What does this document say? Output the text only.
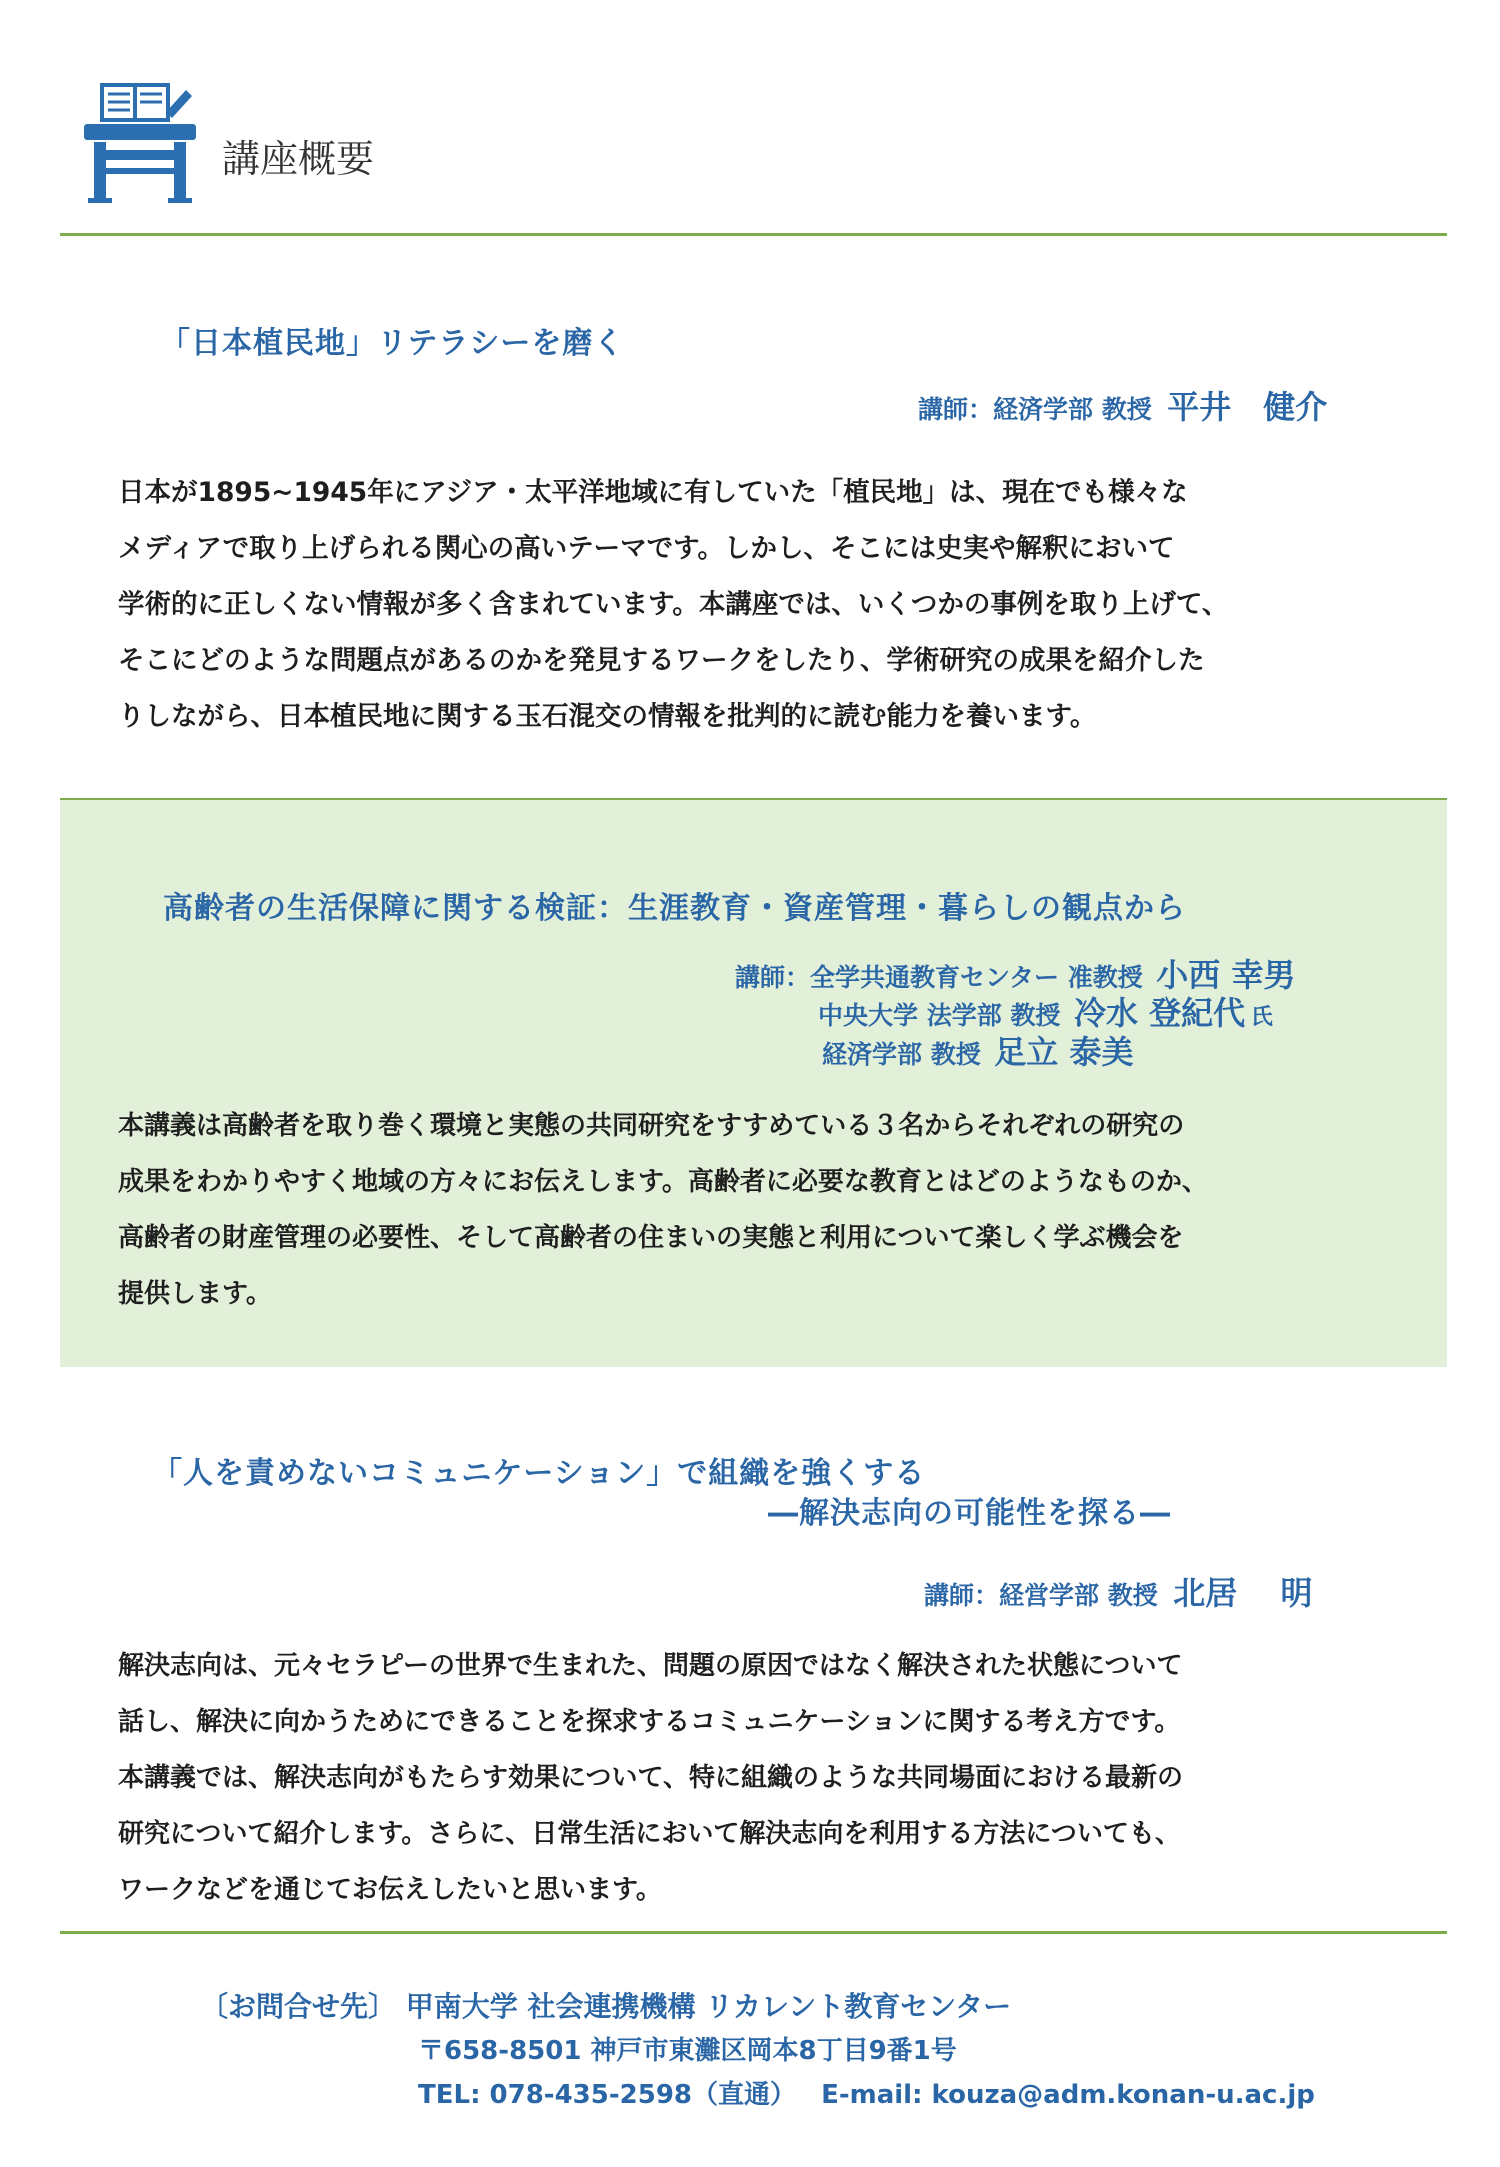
講座概要
「日本植民地」リテラシーを磨く
講師：経済学部 教授 平井　健介
日本が1895~1945年にアジア・太平洋地域に有していた「植民地」は、現在でも様々な
メディアで取り上げられる関心の高いテーマです。しかし、そこには史実や解釈において
学術的に正しくない情報が多く含まれています。本講座では、いくつかの事例を取り上げて、
そこにどのような問題点があるのかを発見するワークをしたり、学術研究の成果を紹介した
りしながら、日本植民地に関する玉石混交の情報を批判的に読む能力を養います。
高齢者の生活保障に関する検証：生涯教育・資産管理・暮らしの観点から
講師：全学共通教育センター 准教授 小西 幸男
中央大学 法学部 教授 冷水 登紀代 氏
経済学部 教授 足立 泰美
本講義は高齢者を取り巻く環境と実態の共同研究をすすめている３名からそれぞれの研究の
成果をわかりやすく地域の方々にお伝えします。高齢者に必要な教育とはどのようなものか、
高齢者の財産管理の必要性、そして高齢者の住まいの実態と利用について楽しく学ぶ機会を
提供します。
「人を責めないコミュニケーション」で組織を強くする
―解決志向の可能性を探る―
講師：経営学部 教授 北居　 明
解決志向は、元々セラピーの世界で生まれた、問題の原因ではなく解決された状態について
話し、解決に向かうためにできることを探求するコミュニケーションに関する考え方です。
本講義では、解決志向がもたらす効果について、特に組織のような共同場面における最新の
研究について紹介します。さらに、日常生活において解決志向を利用する方法についても、
ワークなどを通じてお伝えしたいと思います。
〔お問合せ先〕 甲南大学 社会連携機構 リカレント教育センター
〒658-8501 神戸市東灘区岡本8丁目9番1号
TEL: 078-435-2598（直通） E-mail: kouza@adm.konan-u.ac.jp
